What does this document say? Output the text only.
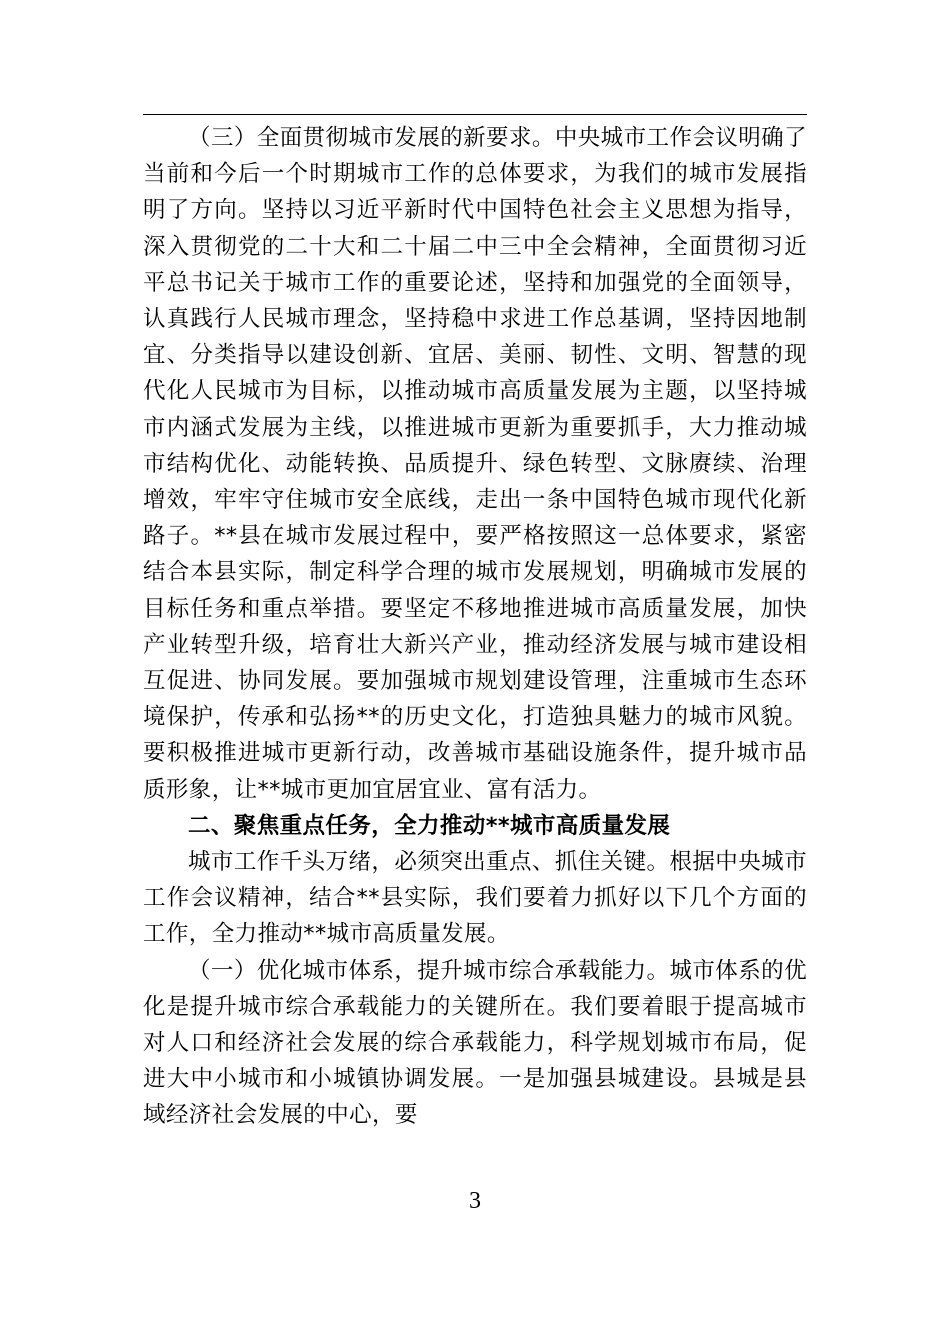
（三）全面贯彻城市发展的新要求。中央城市工作会议明确了当前和今后一个时期城市工作的总体要求，为我们的城市发展指明了方向。坚持以习近平新时代中国特色社会主义思想为指导，深入贯彻党的二十大和二十届二中三中全会精神，全面贯彻习近平总书记关于城市工作的重要论述，坚持和加强党的全面领导，认真践行人民城市理念，坚持稳中求进工作总基调，坚持因地制宜、分类指导以建设创新、宜居、美丽、韧性、文明、智慧的现代化人民城市为目标，以推动城市高质量发展为主题，以坚持城市内涵式发展为主线，以推进城市更新为重要抓手，大力推动城市结构优化、动能转换、品质提升、绿色转型、文脉赓续、治理增效，牢牢守住城市安全底线，走出一条中国特色城市现代化新路子。**县在城市发展过程中，要严格按照这一总体要求，紧密结合本县实际，制定科学合理的城市发展规划，明确城市发展的目标任务和重点举措。要坚定不移地推进城市高质量发展，加快产业转型升级，培育壮大新兴产业，推动经济发展与城市建设相互促进、协同发展。要加强城市规划建设管理，注重城市生态环境保护，传承和弘扬**的历史文化，打造独具魅力的城市风貌。要积极推进城市更新行动，改善城市基础设施条件，提升城市品质形象，让**城市更加宜居宜业、富有活力。

二、聚焦重点任务，全力推动**城市高质量发展

城市工作千头万绪，必须突出重点、抓住关键。根据中央城市工作会议精神，结合**县实际，我们要着力抓好以下几个方面的工作，全力推动**城市高质量发展。

（一）优化城市体系，提升城市综合承载能力。城市体系的优化是提升城市综合承载能力的关键所在。我们要着眼于提高城市对人口和经济社会发展的综合承载能力，科学规划城市布局，促进大中小城市和小城镇协调发展。一是加强县城建设。县城是县域经济社会发展的中心，要

3
